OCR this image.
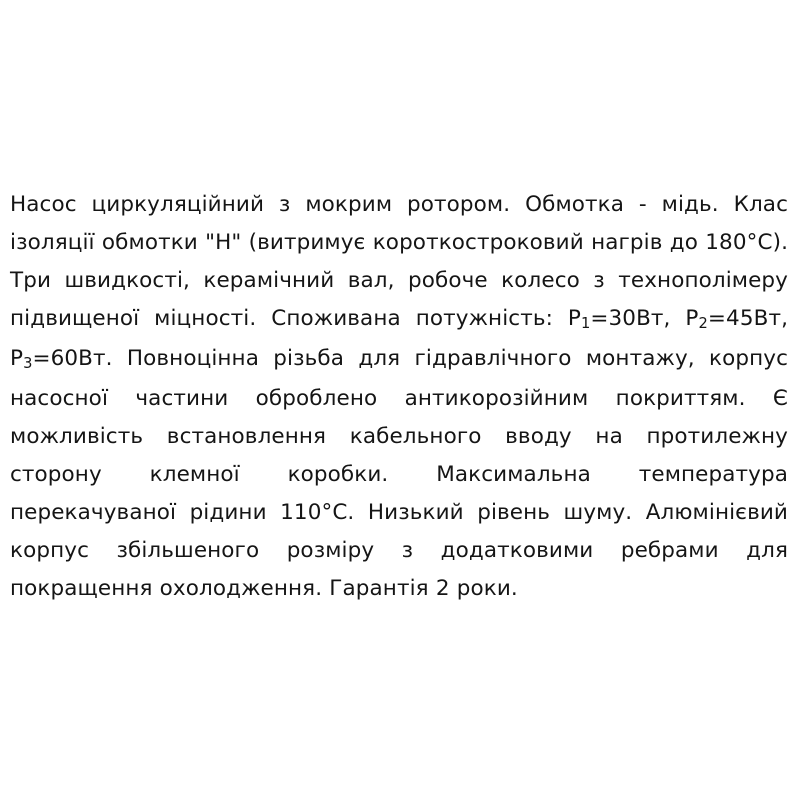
Насос циркуляційний з мокрим ротором. Обмотка - мідь. Клас ізоляції обмотки "H" (витримує короткостроковий нагрів до 180°C). Три швидкості, керамічний вал, робоче колесо з технополімеру підвищеної міцності. Споживана потужність: $P_1=30Вт$, $P_2=45Вт$, $P_3=60Вт$. Повноцінна різьба для гідравлічного монтажу, корпус насосної частини оброблено антикорозійним покриттям. Є можливість встановлення кабельного вводу на протилежну сторону клемної коробки. Максимальна температура перекачуваної рідини 110°C. Низький рівень шуму. Алюмінієвий корпус збільшеного розміру з додатковими ребрами для покращення охолодження. Гарантія 2 роки.
